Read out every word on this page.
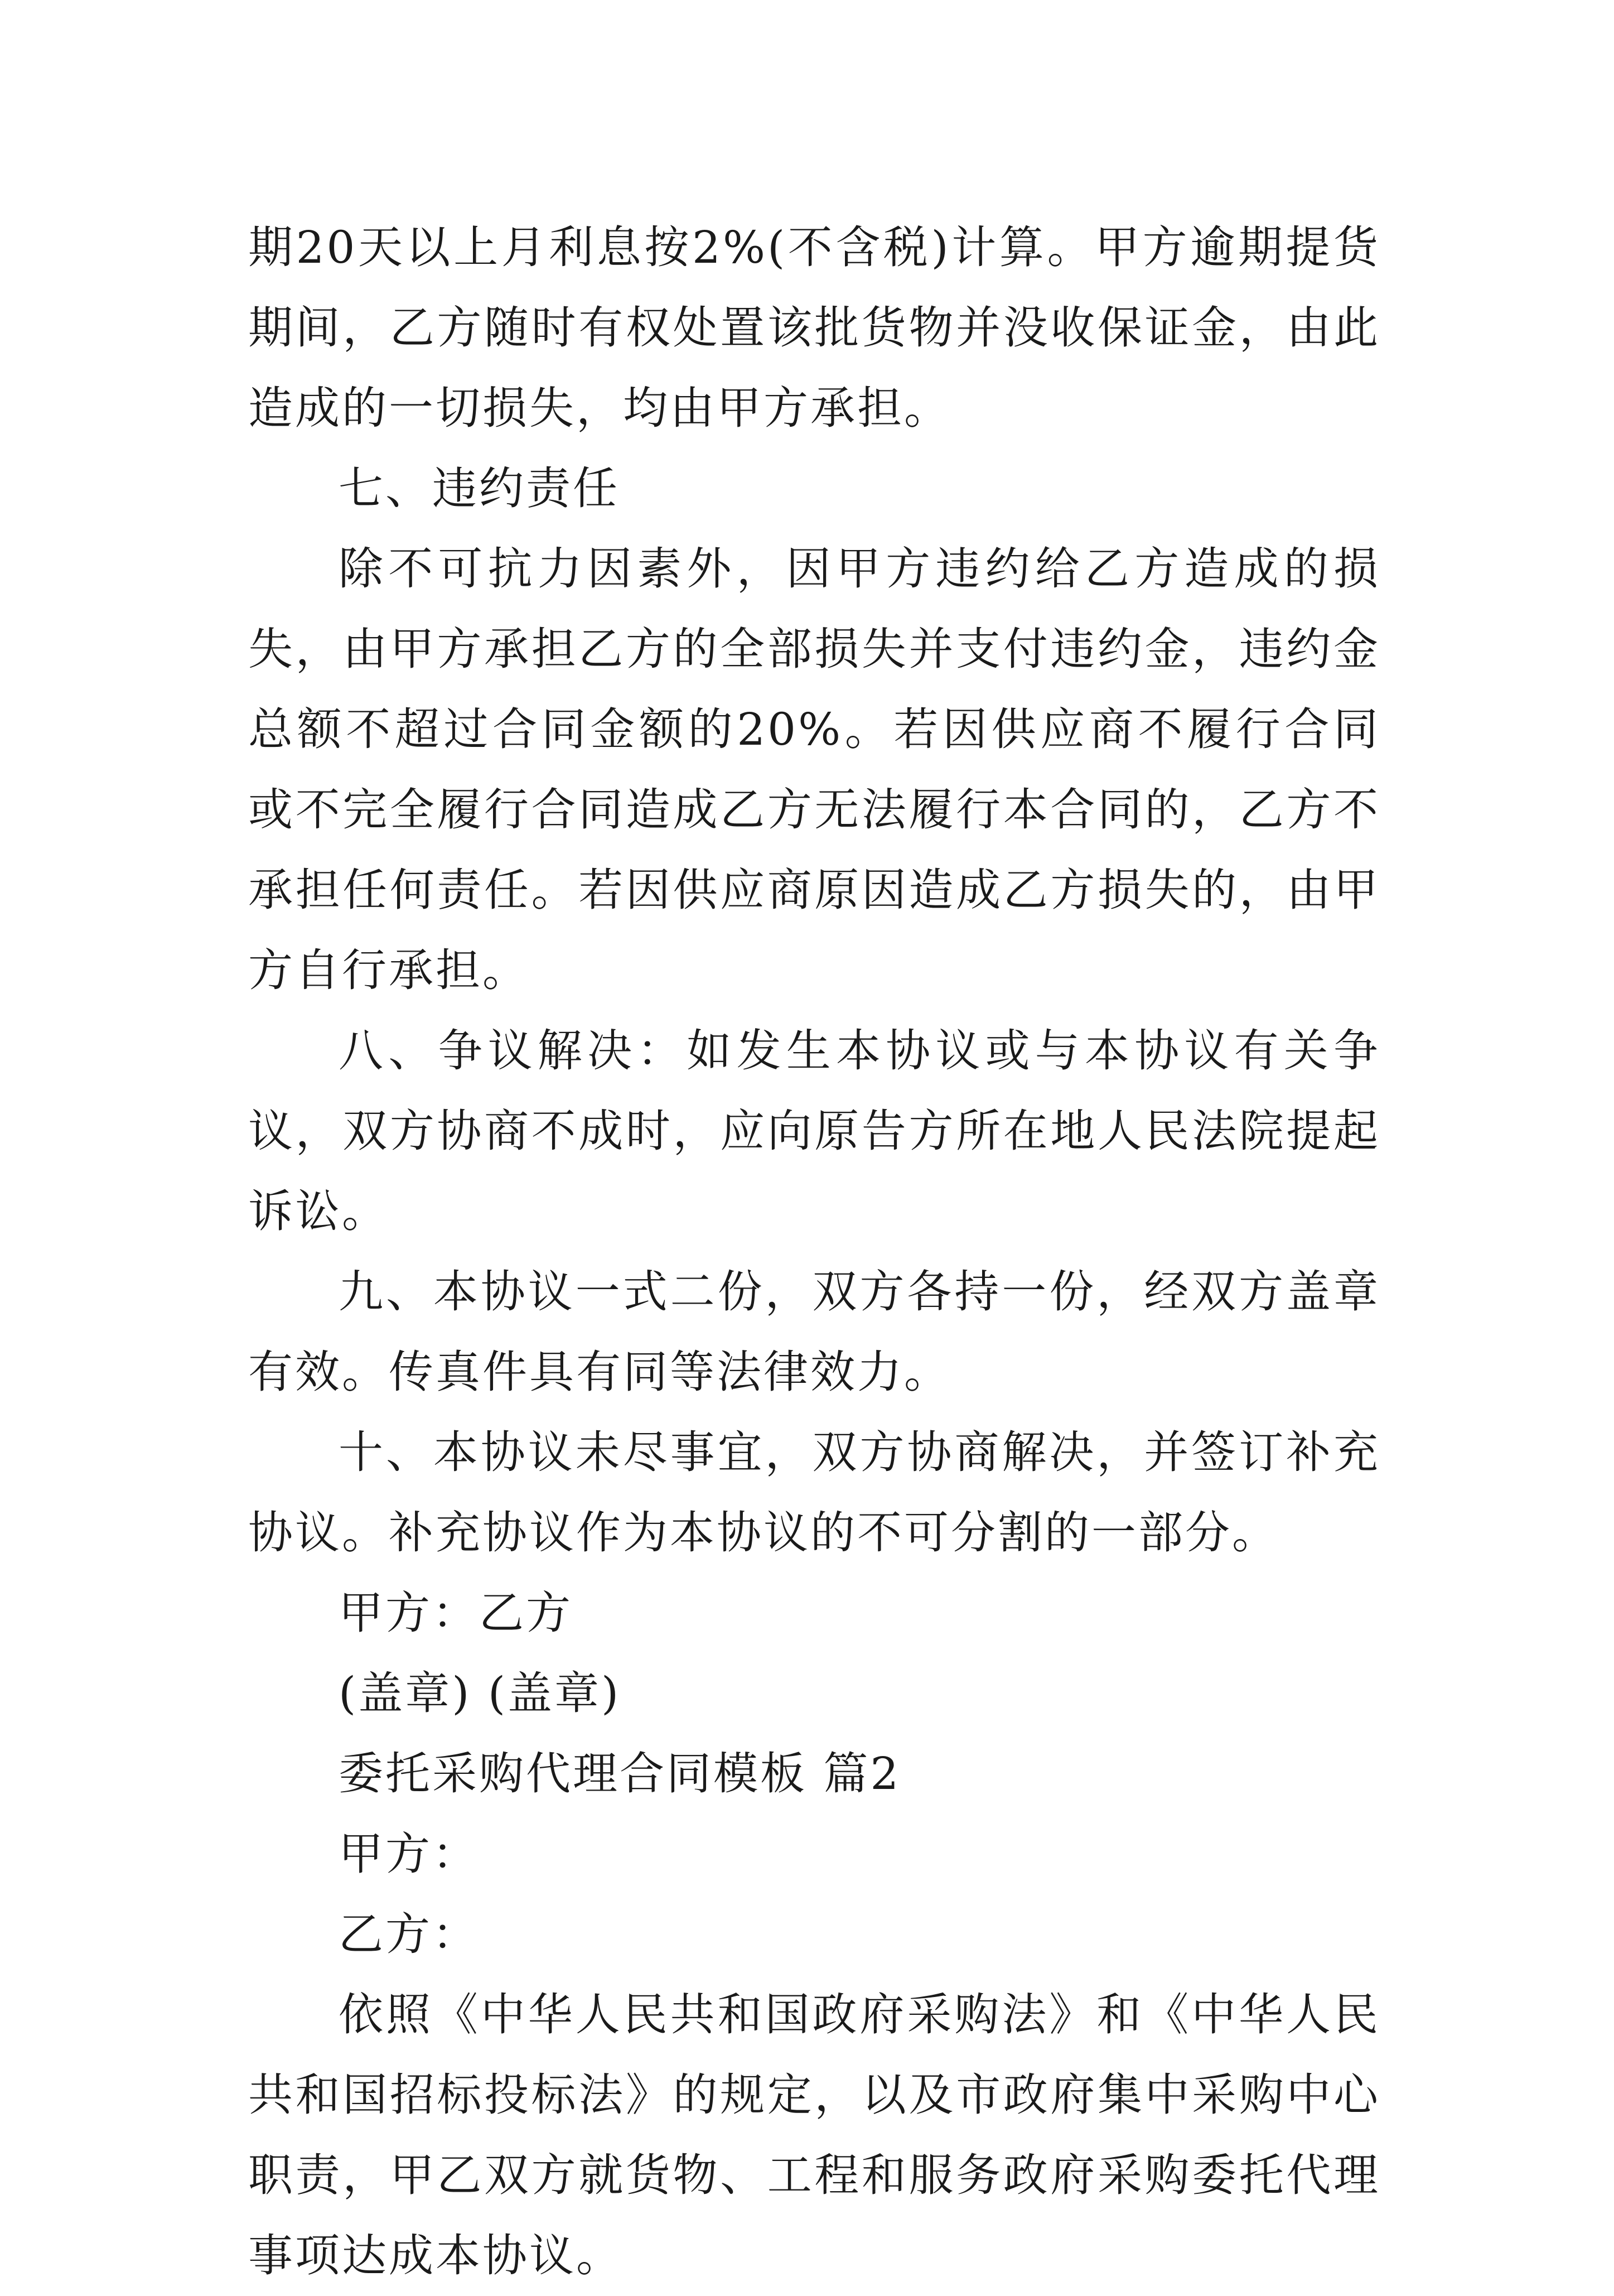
期20天以上月利息按2%(不含税)计算。甲方逾期提货期间，乙方随时有权处置该批货物并没收保证金，由此造成的一切损失，均由甲方承担。

七、违约责任

除不可抗力因素外，因甲方违约给乙方造成的损失，由甲方承担乙方的全部损失并支付违约金，违约金总额不超过合同金额的20%。若因供应商不履行合同或不完全履行合同造成乙方无法履行本合同的，乙方不承担任何责任。若因供应商原因造成乙方损失的，由甲方自行承担。

八、争议解决：如发生本协议或与本协议有关争议，双方协商不成时，应向原告方所在地人民法院提起诉讼。

九、本协议一式二份，双方各持一份，经双方盖章有效。传真件具有同等法律效力。

十、本协议未尽事宜，双方协商解决，并签订补充协议。补充协议作为本协议的不可分割的一部分。

甲方：乙方

(盖章) (盖章)

委托采购代理合同模板 篇2

甲方：

乙方：

依照《中华人民共和国政府采购法》和《中华人民共和国招标投标法》的规定，以及市政府集中采购中心职责，甲乙双方就货物、工程和服务政府采购委托代理事项达成本协议。
